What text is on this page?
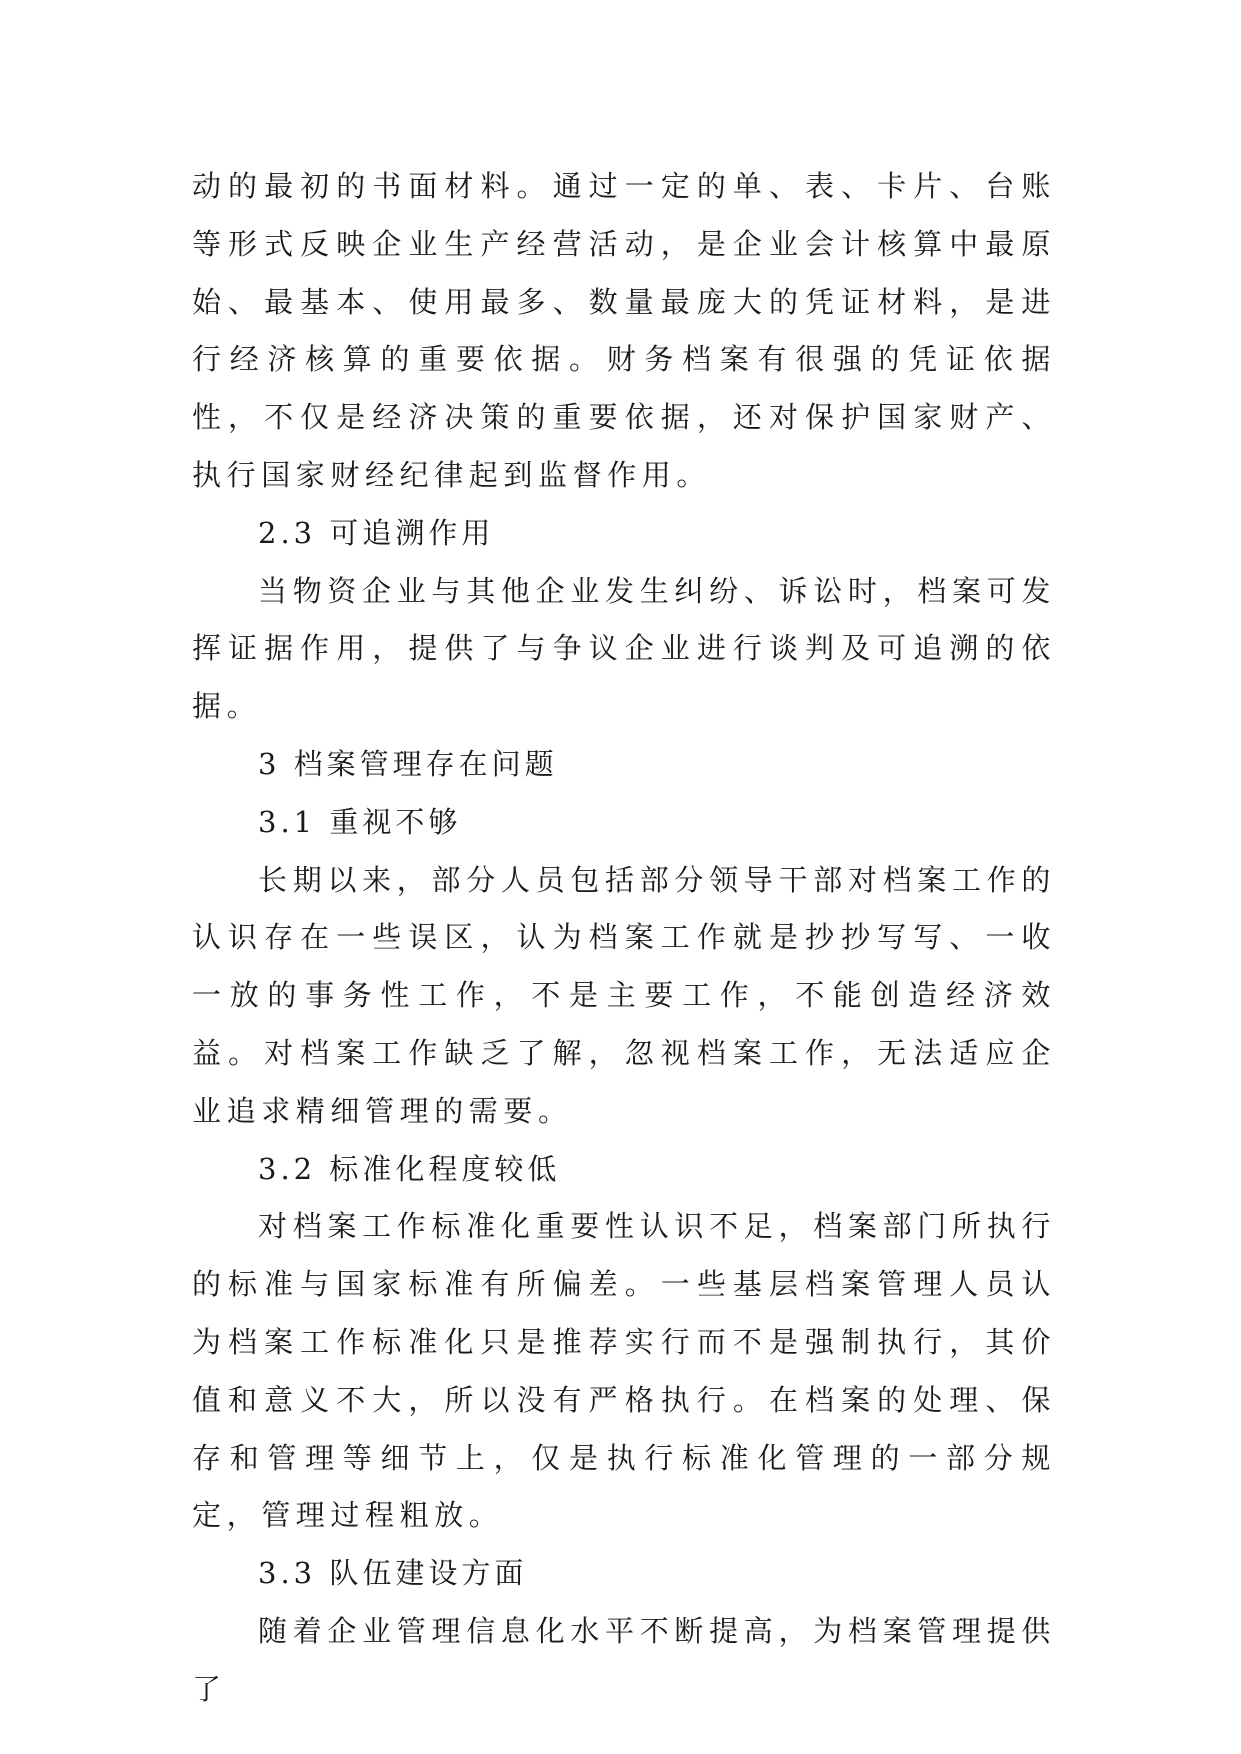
动的最初的书面材料。通过一定的单、表、卡片、台账等形式反映企业生产经营活动，是企业会计核算中最原始、最基本、使用最多、数量最庞大的凭证材料，是进行经济核算的重要依据。财务档案有很强的凭证依据性，不仅是经济决策的重要依据，还对保护国家财产、执行国家财经纪律起到监督作用。

2.3 可追溯作用

当物资企业与其他企业发生纠纷、诉讼时，档案可发挥证据作用，提供了与争议企业进行谈判及可追溯的依据。

3 档案管理存在问题

3.1 重视不够

长期以来，部分人员包括部分领导干部对档案工作的认识存在一些误区，认为档案工作就是抄抄写写、一收一放的事务性工作，不是主要工作，不能创造经济效益。对档案工作缺乏了解，忽视档案工作，无法适应企业追求精细管理的需要。

3.2 标准化程度较低

对档案工作标准化重要性认识不足，档案部门所执行的标准与国家标准有所偏差。一些基层档案管理人员认为档案工作标准化只是推荐实行而不是强制执行，其价值和意义不大，所以没有严格执行。在档案的处理、保存和管理等细节上，仅是执行标准化管理的一部分规定，管理过程粗放。

3.3 队伍建设方面

随着企业管理信息化水平不断提高，为档案管理提供了
